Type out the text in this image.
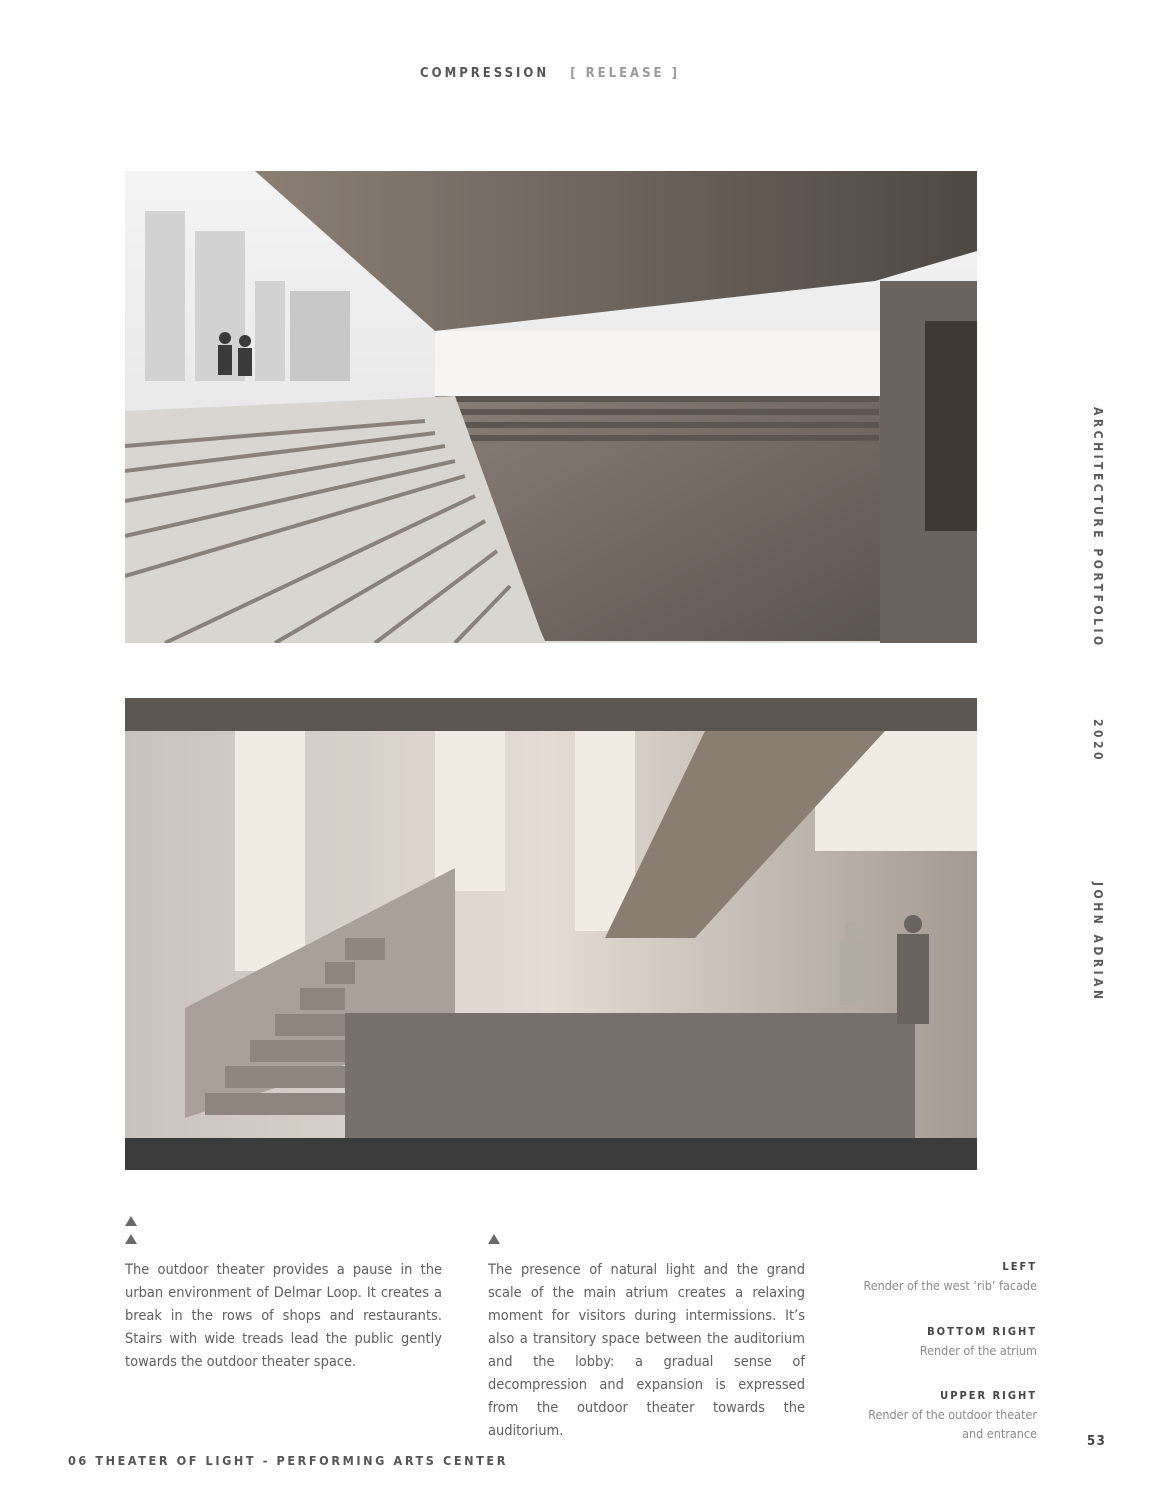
COMPRESSION [ RELEASE ]
ARCHITECTURE PORTFOLIO
2020
JOHN ADRIAN
The outdoor theater provides a pause in the urban environment of Delmar Loop. It creates a break in the rows of shops and restaurants. Stairs with wide treads lead the public gently towards the outdoor theater space.
The presence of natural light and the grand scale of the main atrium creates a relaxing moment for visitors during intermissions. It’s also a transitory space between the auditorium and the lobby: a gradual sense of decompression and expansion is expressed from the outdoor theater towards the auditorium.
LEFT
Render of the west ‘rib’ facade
BOTTOM RIGHT
Render of the atrium
UPPER RIGHT
Render of the outdoor theater and entrance
06 THEATER OF LIGHT - PERFORMING ARTS CENTER
53
